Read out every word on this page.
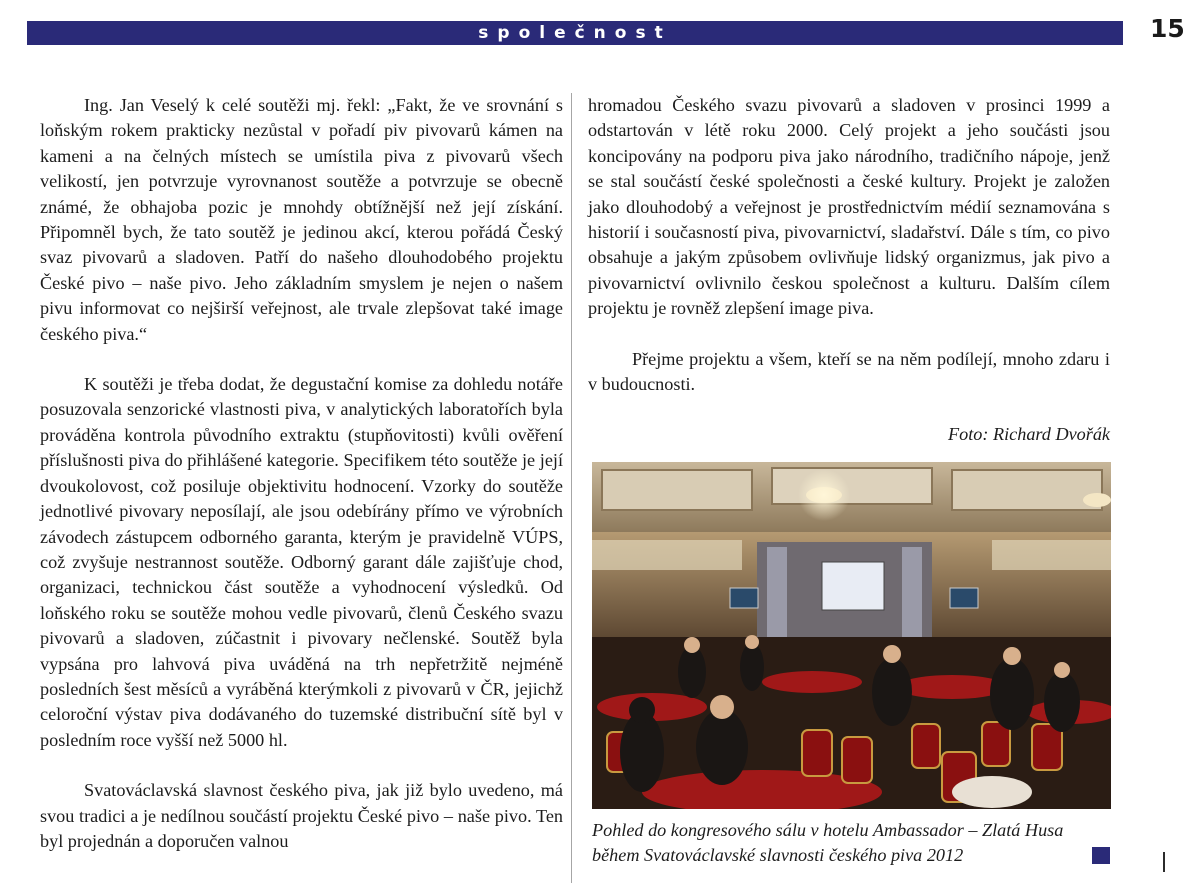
společnost	15

Ing. Jan Veselý k celé soutěži mj. řekl: „Fakt, že ve srovnání s loňským rokem prakticky nezůstal v pořadí piv pivovarů kámen na kameni a na čelných místech se umístila piva z pivovarů všech velikostí, jen potvrzuje vyrovnanost soutěže a potvrzuje se obecně známé, že obhajoba pozic je mnohdy obtížnější než její získání. Připomněl bych, že tato soutěž je jedinou akcí, kterou pořádá Český svaz pivovarů a sladoven. Patří do našeho dlouhodobého projektu České pivo – naše pivo. Jeho základním smyslem je nejen o našem pivu informovat co nejširší veřejnost, ale trvale zlepšovat také image českého piva.“

K soutěži je třeba dodat, že degustační komise za dohledu notáře posuzovala senzorické vlastnosti piva, v analytických laboratořích byla prováděna kontrola původního extraktu (stupňovitosti) kvůli ověření příslušnosti piva do přihlášené kategorie. Specifikem této soutěže je její dvoukolovost, což posiluje objektivitu hodnocení. Vzorky do soutěže jednotlivé pivovary neposílají, ale jsou odebírány přímo ve výrobních závodech zástupcem odborného garanta, kterým je pravidelně VÚPS, což zvyšuje nestrannost soutěže. Odborný garant dále zajišťuje chod, organizaci, technickou část soutěže a vyhodnocení výsledků. Od loňského roku se soutěže mohou vedle pivovarů, členů Českého svazu pivovarů a sladoven, zúčastnit i pivovary nečlenské. Soutěž byla vypsána pro lahvová piva uváděná na trh nepřetržitě nejméně posledních šest měsíců a vyráběná kterýmkoli z pivovarů v ČR, jejichž celoroční výstav piva dodávaného do tuzemské distribuční sítě byl v posledním roce vyšší než 5000 hl.

Svatováclavská slavnost českého piva, jak již bylo uvedeno, má svou tradici a je nedílnou součástí projektu České pivo – naše pivo. Ten byl projednán a doporučen valnou

hromadou Českého svazu pivovarů a sladoven v prosinci 1999 a odstartován v létě roku 2000. Celý projekt a jeho součásti jsou koncipovány na podporu piva jako národního, tradičního nápoje, jenž se stal součástí české společnosti a české kultury. Projekt je založen jako dlouhodobý a veřejnost je prostřednictvím médií seznamována s historií i současností piva, pivovarnictví, sladařství. Dále s tím, co pivo obsahuje a jakým způsobem ovlivňuje lidský organizmus, jak pivo a pivovarnictví ovlivnilo českou společnost a kulturu. Dalším cílem projektu je rovněž zlepšení image piva.

Přejme projektu a všem, kteří se na něm podílejí, mnoho zdaru i v budoucnosti.

Foto: Richard Dvořák

Pohled do kongresového sálu v hotelu Ambassador – Zlatá Husa během Svatováclavské slavnosti českého piva 2012
